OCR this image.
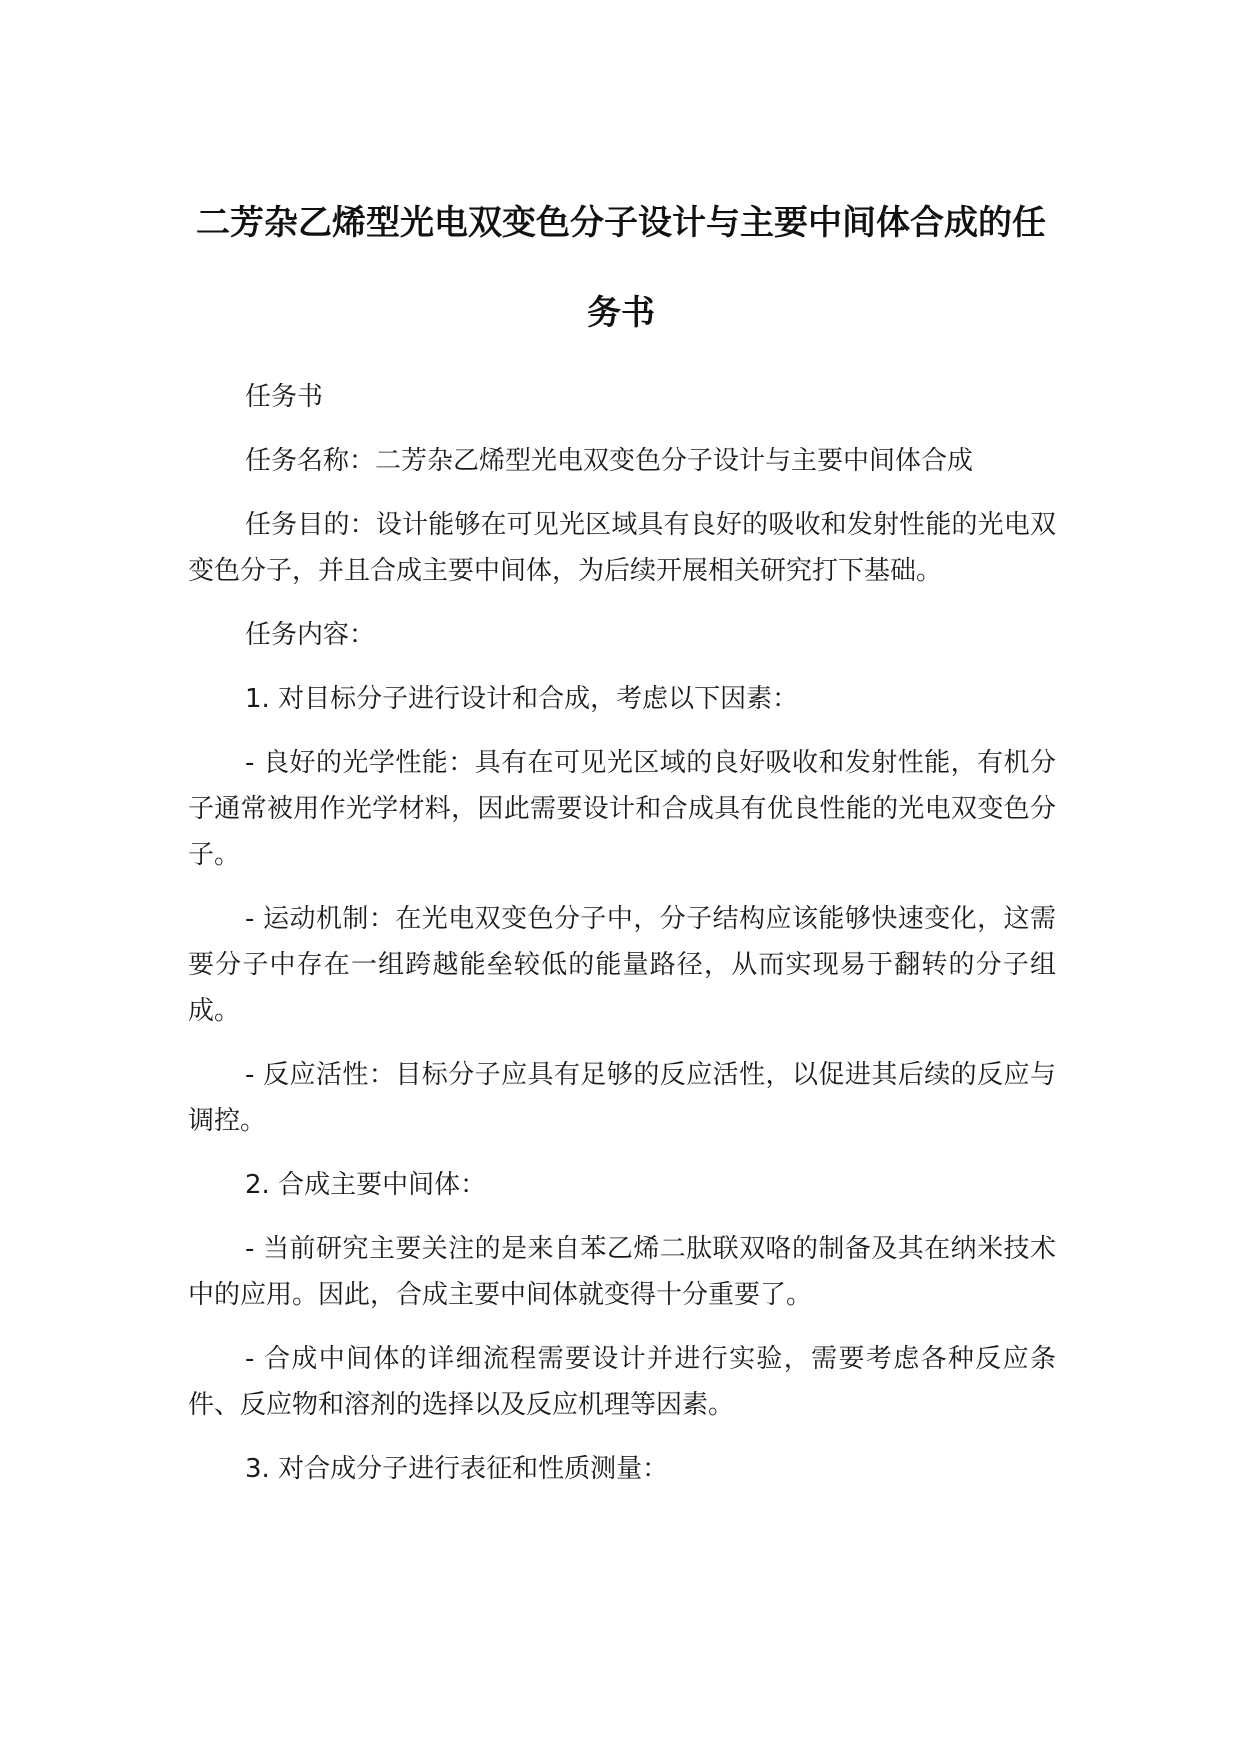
二芳杂乙烯型光电双变色分子设计与主要中间体合成的任务书

任务书

任务名称：二芳杂乙烯型光电双变色分子设计与主要中间体合成

任务目的：设计能够在可见光区域具有良好的吸收和发射性能的光电双变色分子，并且合成主要中间体，为后续开展相关研究打下基础。

任务内容：

1. 对目标分子进行设计和合成，考虑以下因素：

- 良好的光学性能：具有在可见光区域的良好吸收和发射性能，有机分子通常被用作光学材料，因此需要设计和合成具有优良性能的光电双变色分子。

- 运动机制：在光电双变色分子中，分子结构应该能够快速变化，这需要分子中存在一组跨越能垒较低的能量路径，从而实现易于翻转的分子组成。

- 反应活性：目标分子应具有足够的反应活性，以促进其后续的反应与调控。

2. 合成主要中间体：

- 当前研究主要关注的是来自苯乙烯二肽联双咯的制备及其在纳米技术中的应用。因此，合成主要中间体就变得十分重要了。

- 合成中间体的详细流程需要设计并进行实验，需要考虑各种反应条件、反应物和溶剂的选择以及反应机理等因素。

3. 对合成分子进行表征和性质测量：
